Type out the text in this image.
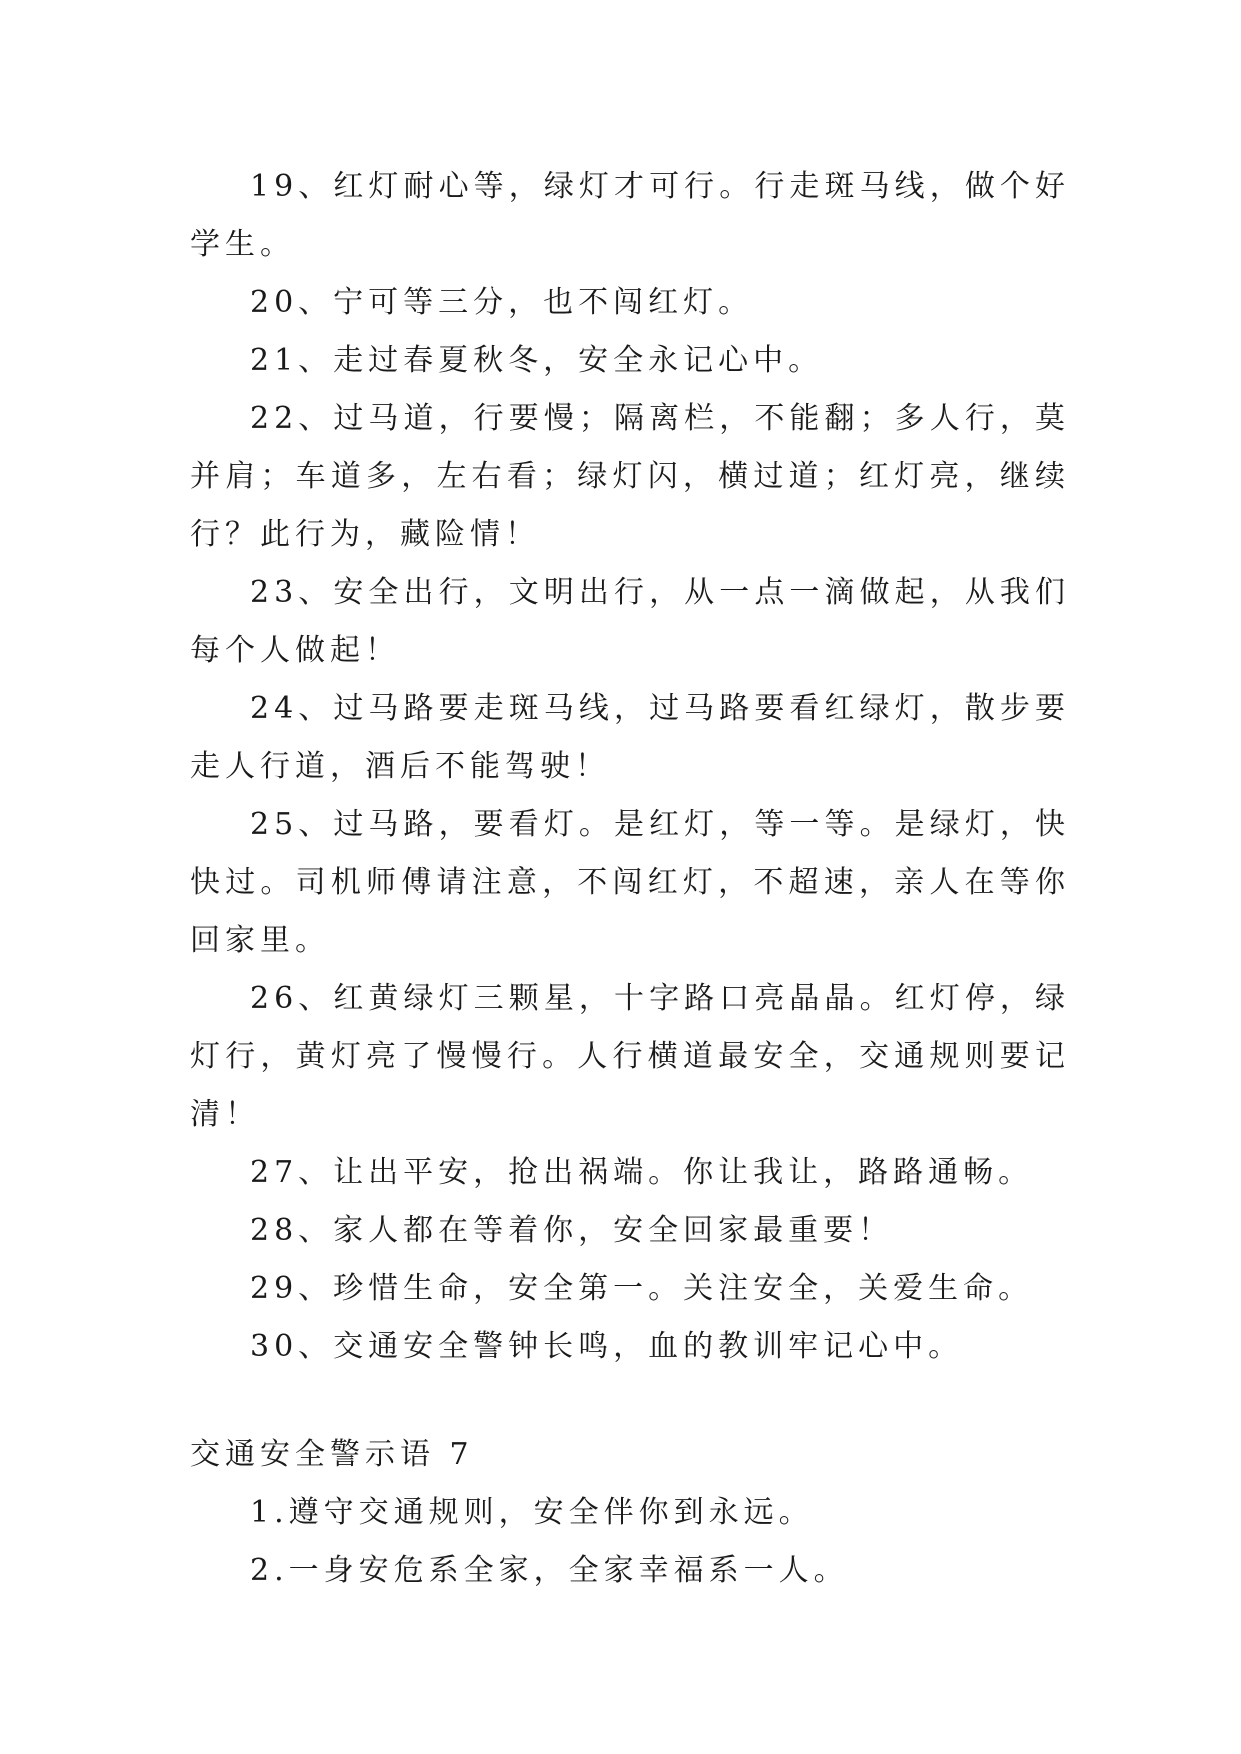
19、红灯耐心等，绿灯才可行。行走斑马线，做个好学生。

20、宁可等三分，也不闯红灯。

21、走过春夏秋冬，安全永记心中。

22、过马道，行要慢；隔离栏，不能翻；多人行，莫并肩；车道多，左右看；绿灯闪，横过道；红灯亮，继续行？此行为，藏险情！

23、安全出行，文明出行，从一点一滴做起，从我们每个人做起！

24、过马路要走斑马线，过马路要看红绿灯，散步要走人行道，酒后不能驾驶！

25、过马路，要看灯。是红灯，等一等。是绿灯，快快过。司机师傅请注意，不闯红灯，不超速，亲人在等你回家里。

26、红黄绿灯三颗星，十字路口亮晶晶。红灯停，绿灯行，黄灯亮了慢慢行。人行横道最安全，交通规则要记清！

27、让出平安，抢出祸端。你让我让，路路通畅。

28、家人都在等着你，安全回家最重要！

29、珍惜生命，安全第一。关注安全，关爱生命。

30、交通安全警钟长鸣，血的教训牢记心中。

交通安全警示语 7

1.遵守交通规则，安全伴你到永远。

2.一身安危系全家，全家幸福系一人。
